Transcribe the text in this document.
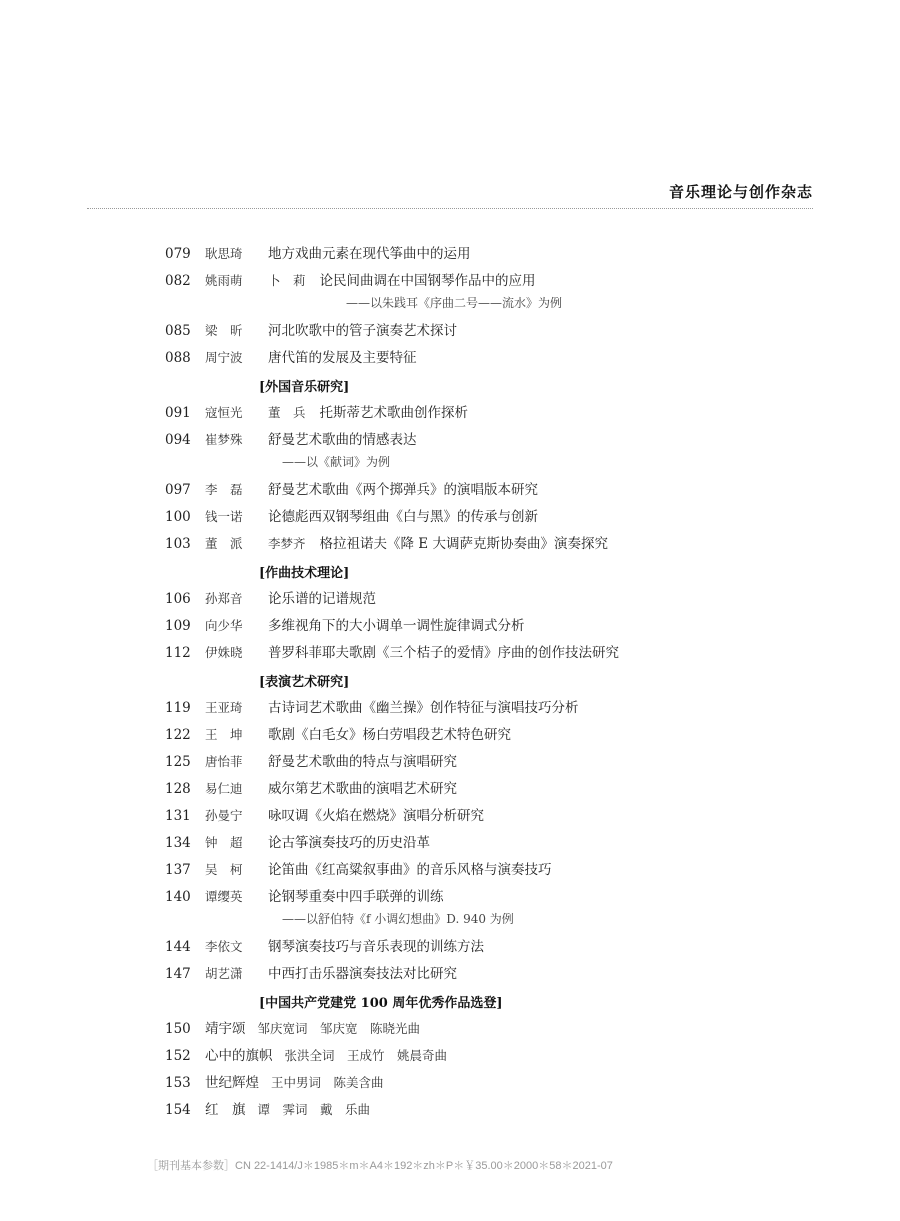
音乐理论与创作杂志
079	耿思琦 地方戏曲元素在现代筝曲中的运用
082	姚雨萌 卜　莉 论民间曲调在中国钢琴作品中的应用
——以朱践耳《序曲二号——流水》为例
085	梁　昕 河北吹歌中的管子演奏艺术探讨
088	周宁波 唐代笛的发展及主要特征
[外国音乐研究]
091	寇恒光 董　兵 托斯蒂艺术歌曲创作探析
094	崔梦殊 舒曼艺术歌曲的情感表达
——以《献词》为例
097	李　磊 舒曼艺术歌曲《两个掷弹兵》的演唱版本研究
100	钱一诺 论德彪西双钢琴组曲《白与黑》的传承与创新
103	董　派 李梦齐 格拉祖诺夫《降 E 大调萨克斯协奏曲》演奏探究
[作曲技术理论]
106	孙郑音 论乐谱的记谱规范
109	向少华 多维视角下的大小调单一调性旋律调式分析
112	伊姝晓 普罗科菲耶夫歌剧《三个桔子的爱情》序曲的创作技法研究
[表演艺术研究]
119	王亚琦 古诗词艺术歌曲《幽兰操》创作特征与演唱技巧分析
122	王　坤 歌剧《白毛女》杨白劳唱段艺术特色研究
125	唐怡菲 舒曼艺术歌曲的特点与演唱研究
128	易仁迪 威尔第艺术歌曲的演唱艺术研究
131	孙曼宁 咏叹调《火焰在燃烧》演唱分析研究
134	钟　超 论古筝演奏技巧的历史沿革
137	吴　柯 论笛曲《红高粱叙事曲》的音乐风格与演奏技巧
140	谭缨英 论钢琴重奏中四手联弹的训练
——以舒伯特《f 小调幻想曲》D. 940 为例
144	李依文 钢琴演奏技巧与音乐表现的训练方法
147	胡艺潇 中西打击乐器演奏技法对比研究
[中国共产党建党 100 周年优秀作品选登]
150	靖宇颂 邹庆宽词　邹庆宽　陈晓光曲
152	心中的旗帜 张洪全词　王成竹　姚晨奇曲
153	世纪辉煌 王中男词　陈美含曲
154	红　旗 谭　霁词　戴　乐曲
［期刊基本参数］CN 22-1414/J＊1985＊m＊A4＊192＊zh＊P＊￥35.00＊2000＊58＊2021-07
